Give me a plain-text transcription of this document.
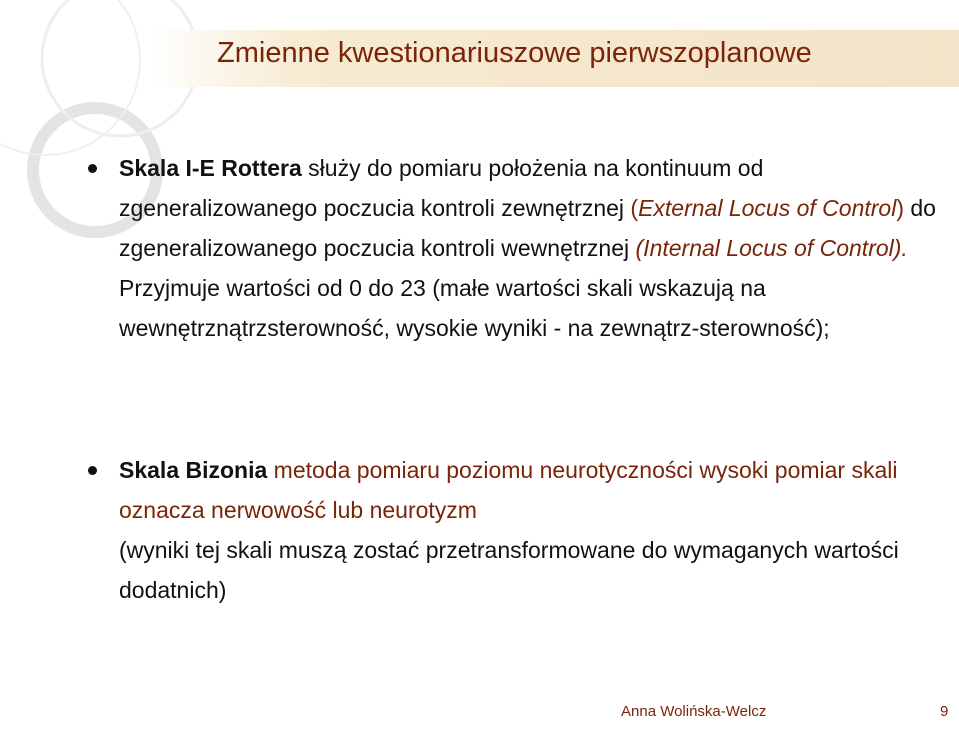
Zmienne kwestionariuszowe pierwszoplanowe
Skala I-E Rottera służy do pomiaru położenia na kontinuum od zgeneralizowanego poczucia kontroli zewnętrznej (External Locus of Control) do zgeneralizowanego poczucia kontroli wewnętrznej (Internal Locus of Control). Przyjmuje wartości od 0 do 23 (małe wartości skali wskazują na wewnętrznątrzsterowność, wysokie wyniki - na zewnątrz-sterowność);
Skala Bizonia metoda pomiaru poziomu neurotyczności wysoki pomiar skali oznacza nerwowość lub neurotyzm
(wyniki tej skali muszą zostać przetransformowane do wymaganych wartości dodatnich)
Anna Wolińska-Welcz	9
